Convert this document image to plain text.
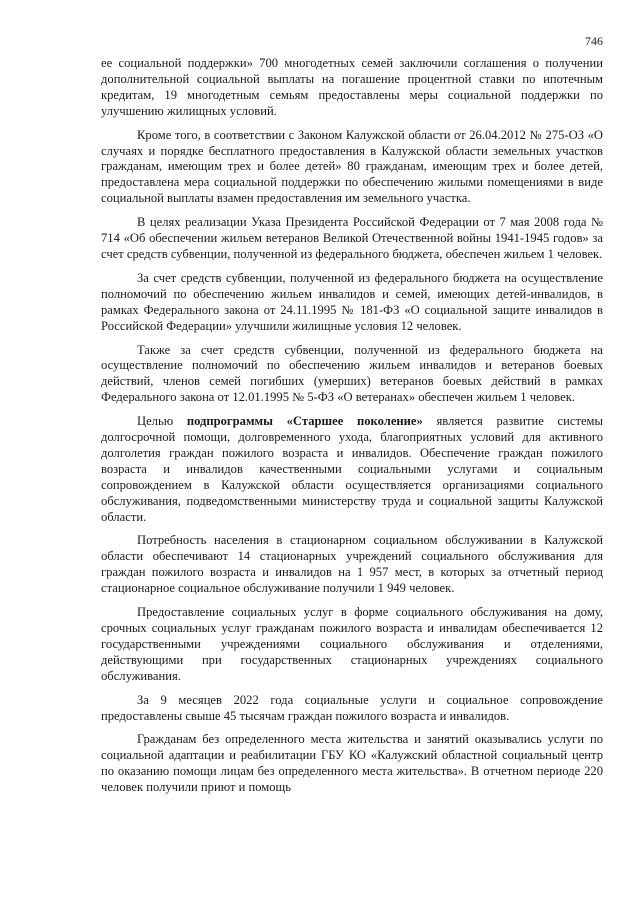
746

ее социальной поддержки» 700 многодетных семей заключили соглашения о получении дополнительной социальной выплаты на погашение процентной ставки по ипотечным кредитам, 19 многодетным семьям предоставлены меры социальной поддержки по улучшению жилищных условий.

Кроме того, в соответствии с Законом Калужской области от 26.04.2012 № 275-ОЗ «О случаях и порядке бесплатного предоставления в Калужской области земельных участков гражданам, имеющим трех и более детей» 80 гражданам, имеющим трех и более детей, предоставлена мера социальной поддержки по обеспечению жилыми помещениями в виде социальной выплаты взамен предоставления им земельного участка.

В целях реализации Указа Президента Российской Федерации от 7 мая 2008 года № 714 «Об обеспечении жильем ветеранов Великой Отечественной войны 1941-1945 годов» за счет средств субвенции, полученной из федерального бюджета, обеспечен жильем 1 человек.

За счет средств субвенции, полученной из федерального бюджета на осуществление полномочий по обеспечению жильем инвалидов и семей, имеющих детей-инвалидов, в рамках Федерального закона от 24.11.1995 № 181-ФЗ «О социальной защите инвалидов в Российской Федерации» улучшили жилищные условия 12 человек.

Также за счет средств субвенции, полученной из федерального бюджета на осуществление полномочий по обеспечению жильем инвалидов и ветеранов боевых действий, членов семей погибших (умерших) ветеранов боевых действий в рамках Федерального закона от 12.01.1995 № 5-ФЗ «О ветеранах» обеспечен жильем 1 человек.

Целью подпрограммы «Старшее поколение» является развитие системы долгосрочной помощи, долговременного ухода, благоприятных условий для активного долголетия граждан пожилого возраста и инвалидов. Обеспечение граждан пожилого возраста и инвалидов качественными социальными услугами и социальным сопровождением в Калужской области осуществляется организациями социального обслуживания, подведомственными министерству труда и социальной защиты Калужской области.

Потребность населения в стационарном социальном обслуживании в Калужской области обеспечивают 14 стационарных учреждений социального обслуживания для граждан пожилого возраста и инвалидов на 1 957 мест, в которых за отчетный период стационарное социальное обслуживание получили 1 949 человек.

Предоставление социальных услуг в форме социального обслуживания на дому, срочных социальных услуг гражданам пожилого возраста и инвалидам обеспечивается 12 государственными учреждениями социального обслуживания и отделениями, действующими при государственных стационарных учреждениях социального обслуживания.

За 9 месяцев 2022 года социальные услуги и социальное сопровождение предоставлены свыше 45 тысячам граждан пожилого возраста и инвалидов.

Гражданам без определенного места жительства и занятий оказывались услуги по социальной адаптации и реабилитации ГБУ КО «Калужский областной социальный центр по оказанию помощи лицам без определенного места жительства». В отчетном периоде 220 человек получили приют и помощь
